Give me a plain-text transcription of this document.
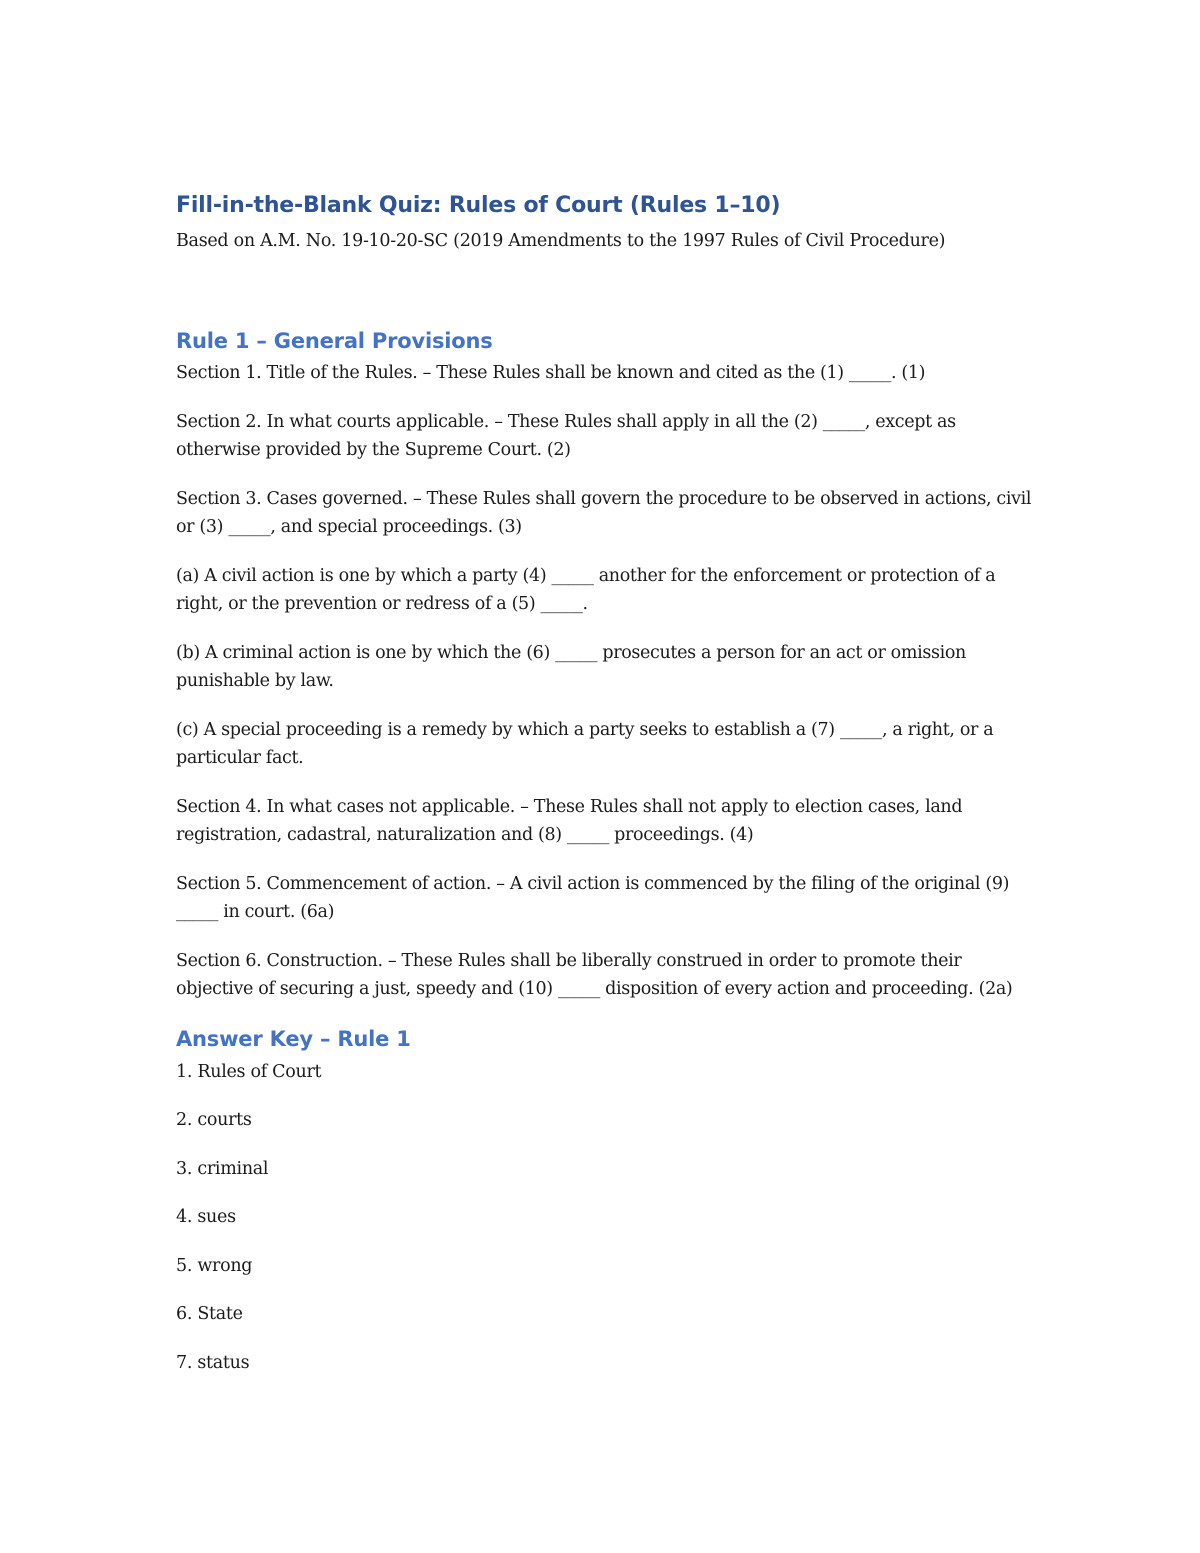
Fill-in-the-Blank Quiz: Rules of Court (Rules 1–10)

Based on A.M. No. 19-10-20-SC (2019 Amendments to the 1997 Rules of Civil Procedure)

Rule 1 – General Provisions

Section 1. Title of the Rules. – These Rules shall be known and cited as the (1) _____. (1)

Section 2. In what courts applicable. – These Rules shall apply in all the (2) _____, except as otherwise provided by the Supreme Court. (2)

Section 3. Cases governed. – These Rules shall govern the procedure to be observed in actions, civil or (3) _____, and special proceedings. (3)

(a) A civil action is one by which a party (4) _____ another for the enforcement or protection of a right, or the prevention or redress of a (5) _____.

(b) A criminal action is one by which the (6) _____ prosecutes a person for an act or omission punishable by law.

(c) A special proceeding is a remedy by which a party seeks to establish a (7) _____, a right, or a particular fact.

Section 4. In what cases not applicable. – These Rules shall not apply to election cases, land registration, cadastral, naturalization and (8) _____ proceedings. (4)

Section 5. Commencement of action. – A civil action is commenced by the filing of the original (9) _____ in court. (6a)

Section 6. Construction. – These Rules shall be liberally construed in order to promote their objective of securing a just, speedy and (10) _____ disposition of every action and proceeding. (2a)

Answer Key – Rule 1
1. Rules of Court
2. courts
3. criminal
4. sues
5. wrong
6. State
7. status
